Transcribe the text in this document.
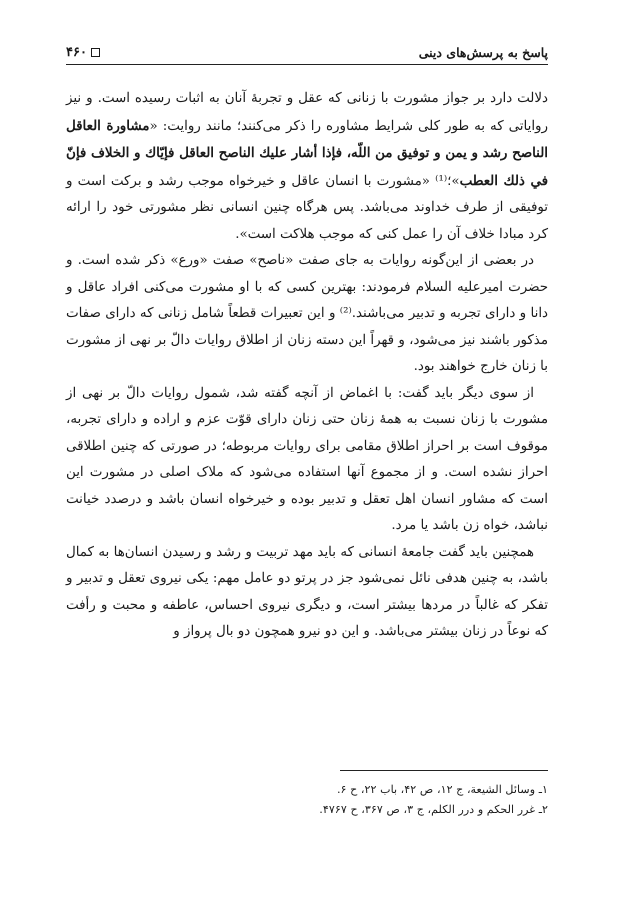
پاسخ به پرسش‌های دینی
۴۶۰

دلالت دارد بر جواز مشورت با زنانی که عقل و تجربهٔ آنان به اثبات رسیده است. و نیز روایاتی که به طور کلی شرایط مشاوره را ذکر می‌کنند؛ مانند روایت: «مشاورة العاقل الناصح رشد و يمن و توفيق من اللّه، فإذا أشار عليك الناصح العاقل فإيّاك و الخلاف فإنّ في ذلك العطب»؛⁽¹⁾ «مشورت با انسان عاقل و خیرخواه موجب رشد و برکت است و توفیقی از طرف خداوند می‌باشد. پس هرگاه چنین انسانی نظر مشورتی خود را ارائه کرد مبادا خلاف آن را عمل کنی که موجب هلاکت است».

در بعضی از این‌گونه روایات به جای صفت «ناصح» صفت «ورع» ذکر شده است. و حضرت امیرعلیه السلام فرمودند: بهترین کسی که با او مشورت می‌کنی افراد عاقل و دانا و دارای تجربه و تدبیر می‌باشند.⁽²⁾ و این تعبیرات قطعاً شامل زنانی که دارای صفات مذکور باشند نیز می‌شود، و قهراً این دسته زنان از اطلاق روایات دالّ بر نهی از مشورت با زنان خارج خواهند بود.

از سوی دیگر باید گفت: با اغماض از آنچه گفته شد، شمول روایات دالّ بر نهی از مشورت با زنان نسبت به همهٔ زنان حتی زنان دارای قوّت عزم و اراده و دارای تجربه، موقوف است بر احراز اطلاق مقامی برای روایات مربوطه؛ در صورتی که چنین اطلاقی احراز نشده است. و از مجموع آنها استفاده می‌شود که ملاک اصلی در مشورت این است که مشاور انسان اهل تعقل و تدبیر بوده و خیرخواه انسان باشد و درصدد خیانت نباشد، خواه زن باشد یا مرد.

همچنین باید گفت جامعهٔ انسانی که باید مهد تربیت و رشد و رسیدن انسان‌ها به کمال باشد، به چنین هدفی نائل نمی‌شود جز در پرتو دو عامل مهم: یکی نیروی تعقل و تدبیر و تفکر که غالباً در مردها بیشتر است، و دیگری نیروی احساس، عاطفه و محبت و رأفت که نوعاً در زنان بیشتر می‌باشد. و این دو نیرو همچون دو بال پرواز و

۱ـ وسائل الشیعة، ج ۱۲، ص ۴۲، باب ۲۲، ح ۶.
۲ـ غرر الحکم و درر الکلم، ج ۳، ص ۳۶۷، ح ۴۷۶۷.
